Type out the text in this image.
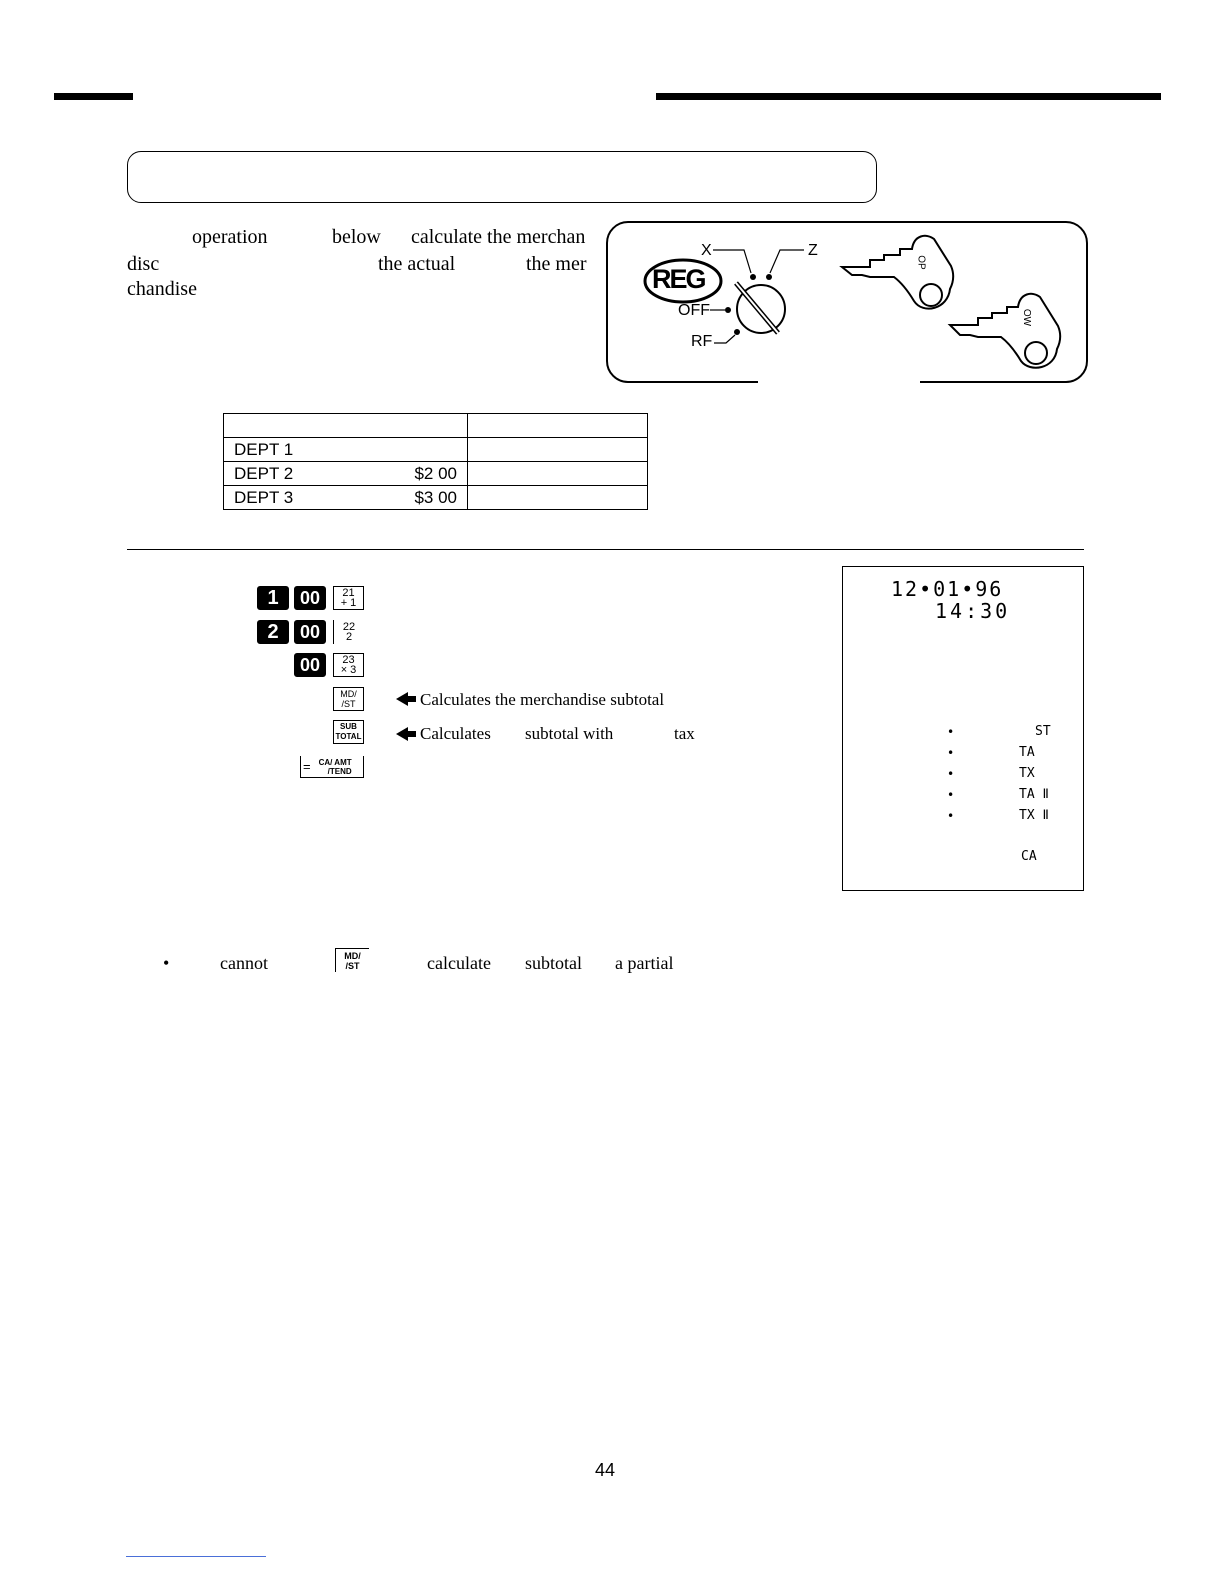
operation	below calculate the merchan
disc	the actual	the mer
chandise
X	Z
REG
OFF
RF
OP
OW

DEPT 1	

DEPT 2 $2 00	

DEPT 3 $3 00	

1	00	21
+ 1
2	00	22
2
00	23
× 3
MD/
/ST	Calculates the merchandise subtotal
SUB
TOTAL	Calculates subtotal with	tax
= CA/ AMT
/TEND
12•01•96
14:30
•
•
•
•
•
ST
TA
TX
TA Ⅱ
TX Ⅱ
CA
•	cannot	MD/
/ST	calculate subtotal a partial
44
